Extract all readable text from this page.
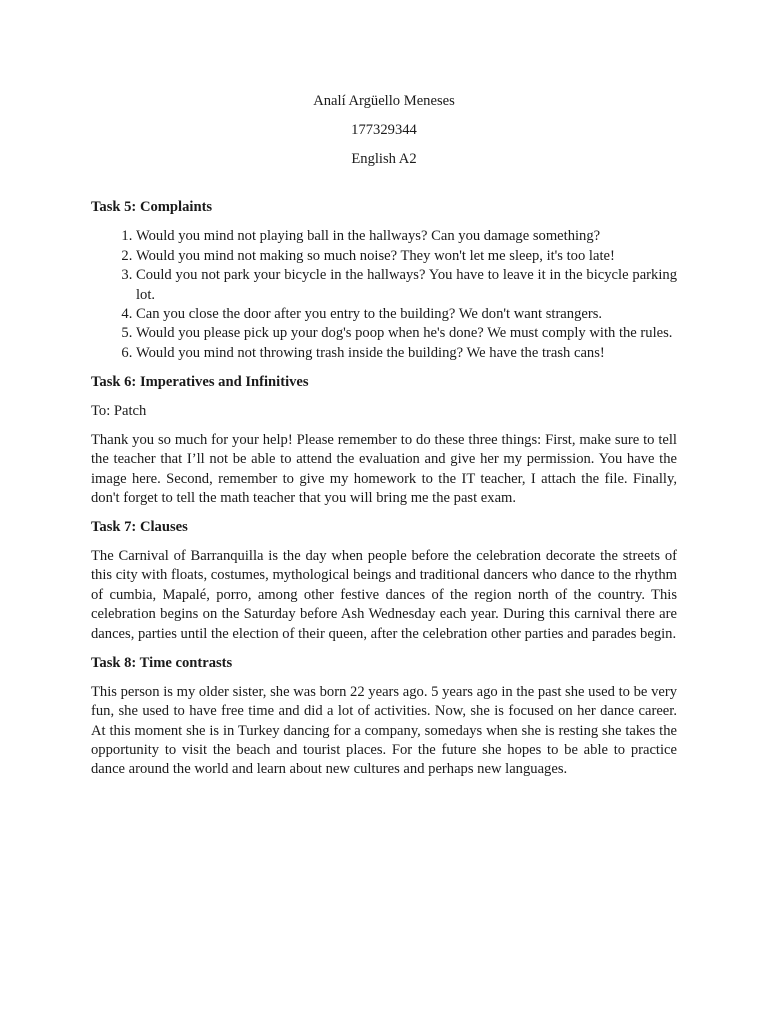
Analí Argüello Meneses

177329344

English A2

Task 5: Complaints

1. Would you mind not playing ball in the hallways? Can you damage something?
2. Would you mind not making so much noise? They won't let me sleep, it's too late!
3. Could you not park your bicycle in the hallways? You have to leave it in the bicycle parking lot.
4. Can you close the door after you entry to the building? We don't want strangers.
5. Would you please pick up your dog's poop when he's done? We must comply with the rules.
6. Would you mind not throwing trash inside the building? We have the trash cans!

Task 6: Imperatives and Infinitives

To: Patch

Thank you so much for your help! Please remember to do these three things: First, make sure to tell the teacher that I’ll not be able to attend the evaluation and give her my permission. You have the image here. Second, remember to give my homework to the IT teacher, I attach the file. Finally, don't forget to tell the math teacher that you will bring me the past exam.

Task 7: Clauses

The Carnival of Barranquilla is the day when people before the celebration decorate the streets of this city with floats, costumes, mythological beings and traditional dancers who dance to the rhythm of cumbia, Mapalé, porro, among other festive dances of the region north of the country. This celebration begins on the Saturday before Ash Wednesday each year. During this carnival there are dances, parties until the election of their queen, after the celebration other parties and parades begin.

Task 8: Time contrasts

This person is my older sister, she was born 22 years ago. 5 years ago in the past she used to be very fun, she used to have free time and did a lot of activities. Now, she is focused on her dance career. At this moment she is in Turkey dancing for a company, somedays when she is resting she takes the opportunity to visit the beach and tourist places. For the future she hopes to be able to practice dance around the world and learn about new cultures and perhaps new languages.
